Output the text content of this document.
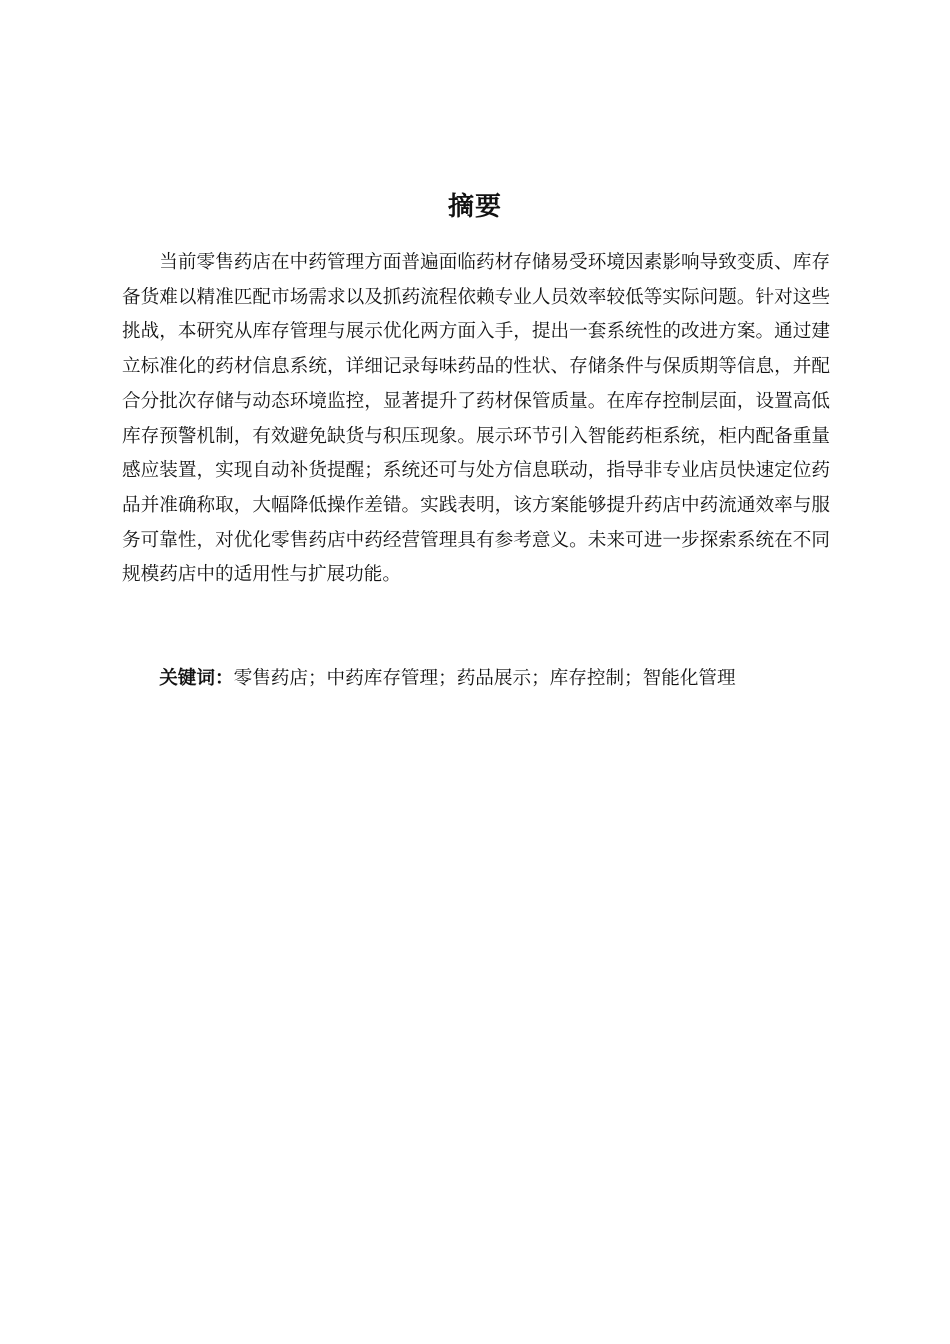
摘要

当前零售药店在中药管理方面普遍面临药材存储易受环境因素影响导致变质、库存备货难以精准匹配市场需求以及抓药流程依赖专业人员效率较低等实际问题。针对这些挑战，本研究从库存管理与展示优化两方面入手，提出一套系统性的改进方案。通过建立标准化的药材信息系统，详细记录每味药品的性状、存储条件与保质期等信息，并配合分批次存储与动态环境监控，显著提升了药材保管质量。在库存控制层面，设置高低库存预警机制，有效避免缺货与积压现象。展示环节引入智能药柜系统，柜内配备重量感应装置，实现自动补货提醒；系统还可与处方信息联动，指导非专业店员快速定位药品并准确称取，大幅降低操作差错。实践表明，该方案能够提升药店中药流通效率与服务可靠性，对优化零售药店中药经营管理具有参考意义。未来可进一步探索系统在不同规模药店中的适用性与扩展功能。

关键词：零售药店；中药库存管理；药品展示；库存控制；智能化管理
